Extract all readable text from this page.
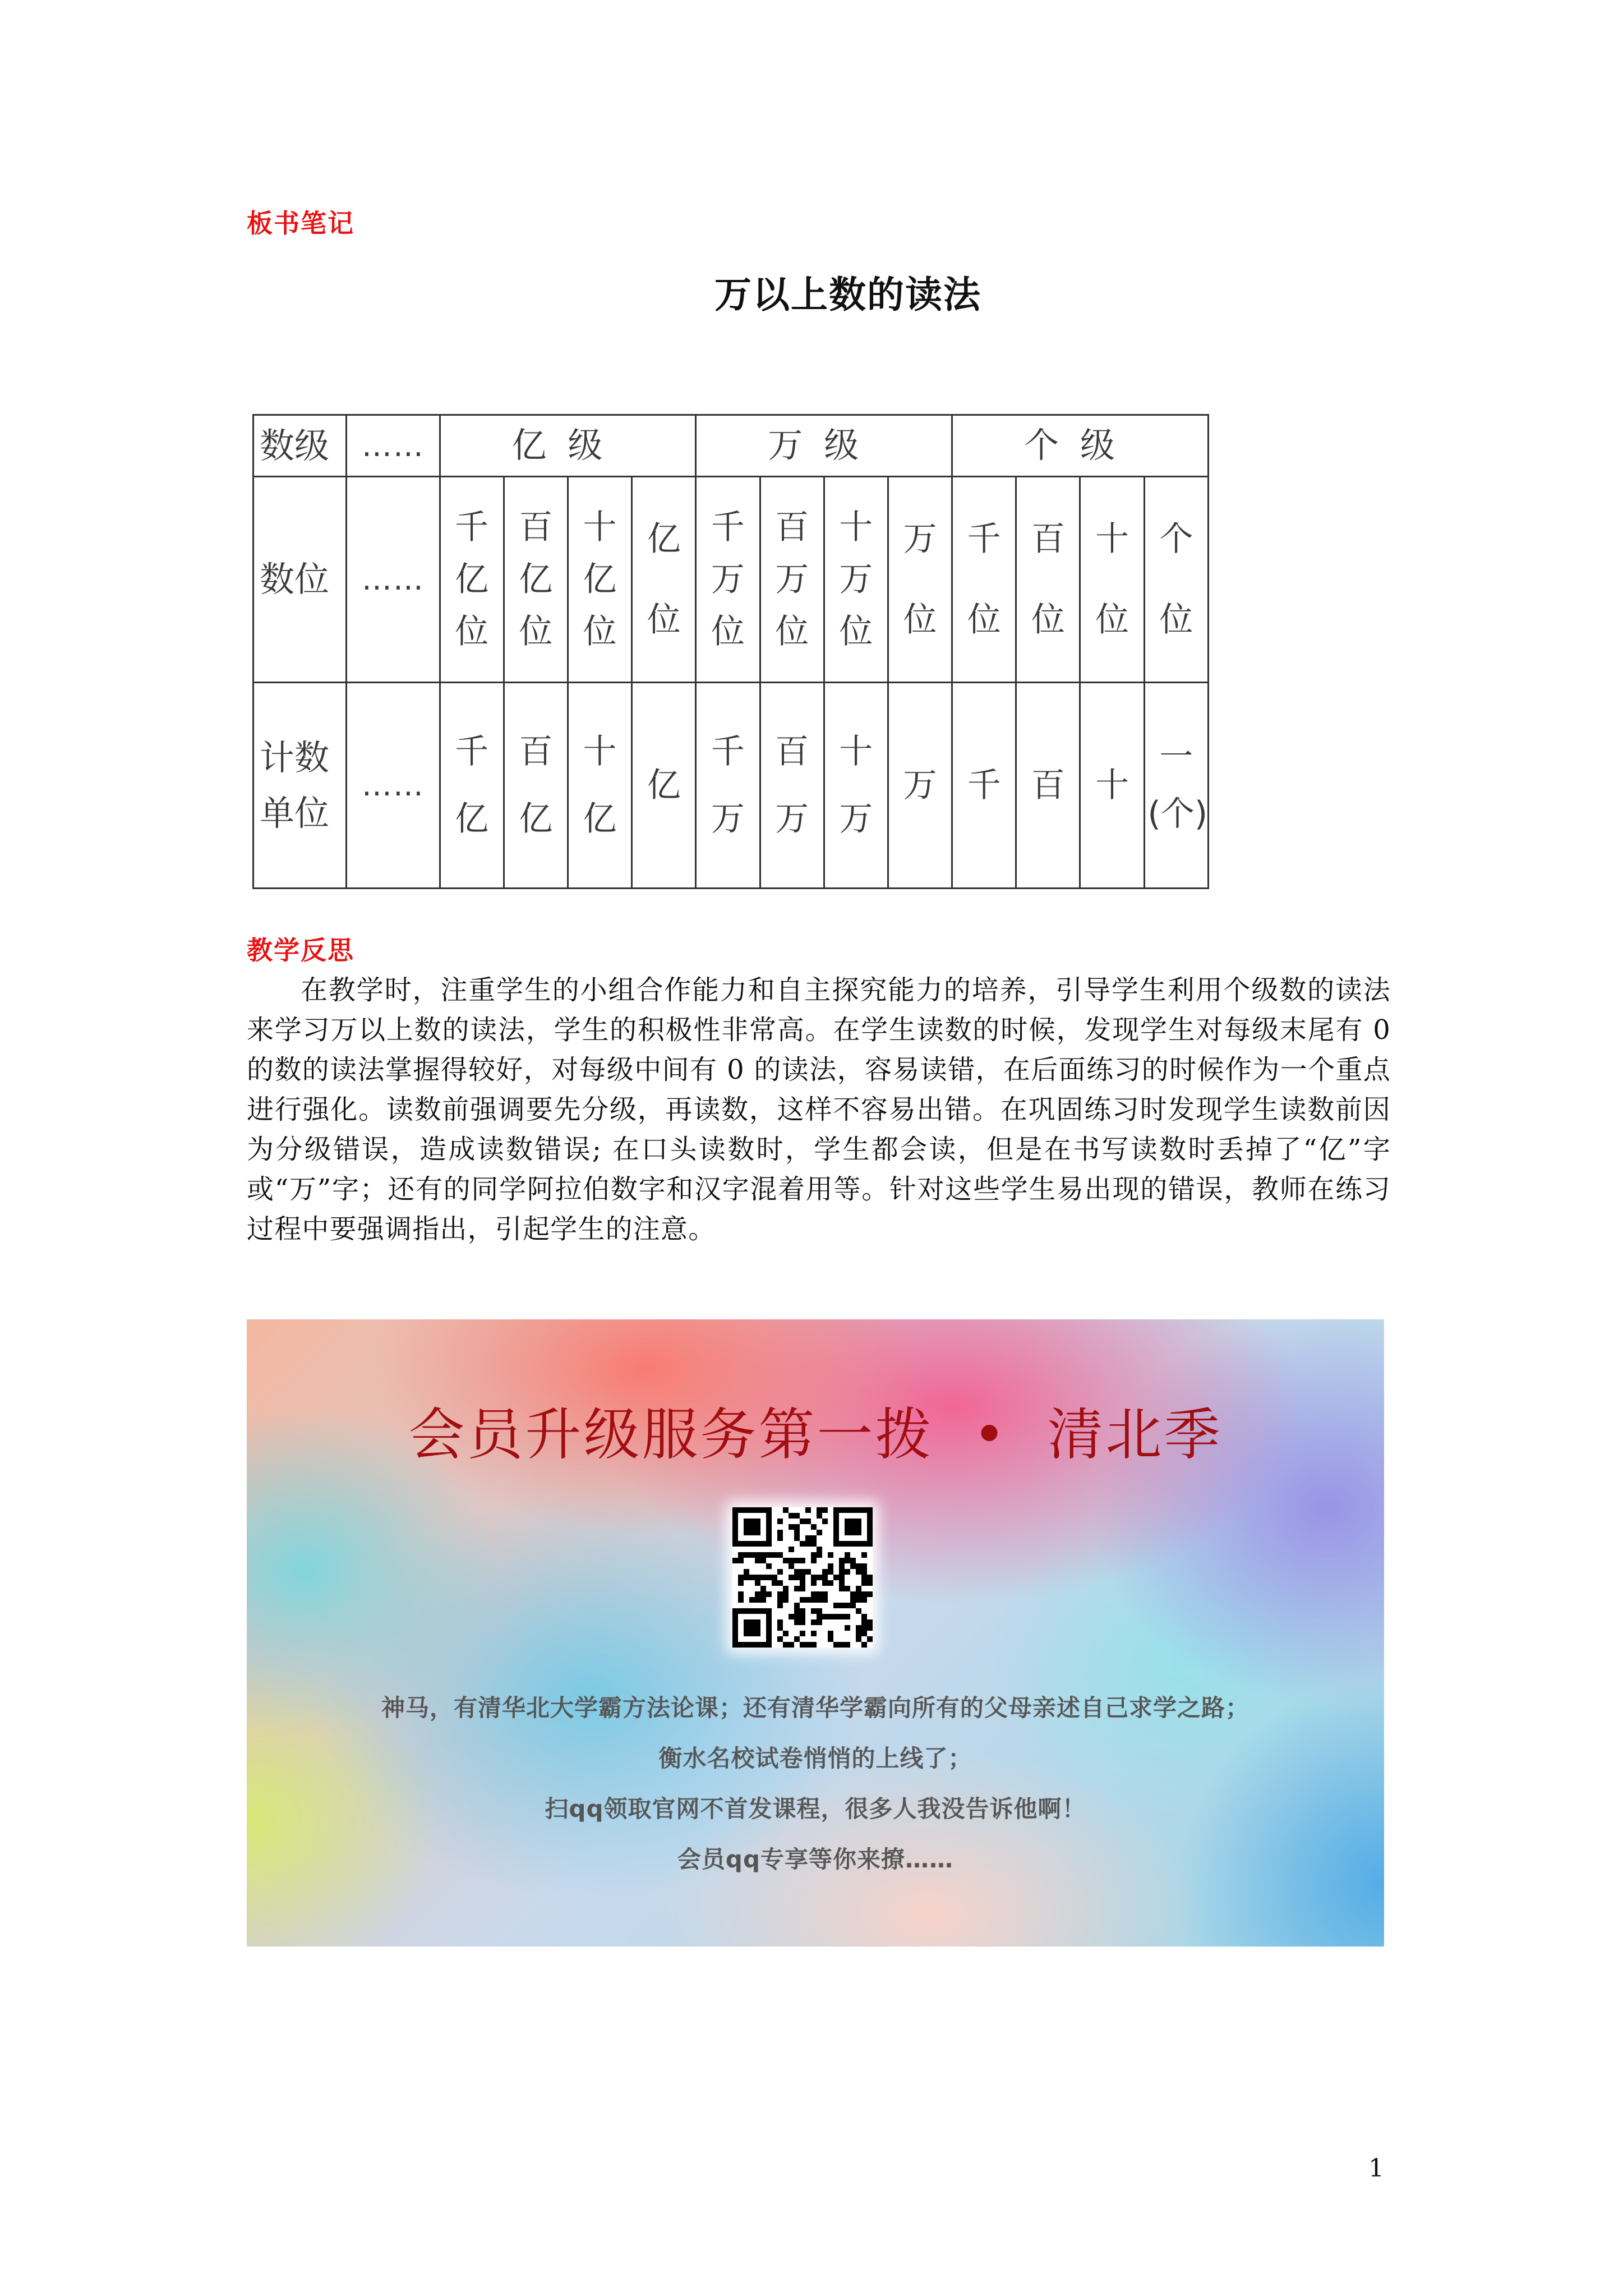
板书笔记
万以上数的读法
数级	……	亿级				万级				个级			
数位	……	千亿位	百亿位	十亿位	亿位	千万位	百万位	十万位	万位	千位	百位	十位	个位
计数单位	……	千亿	百亿	十亿	亿	千万	百万	十万	万	千	百	十	一(个)
教学反思

在教学时，注重学生的小组合作能力和自主探究能力的培养，引导学生利用个级数的读法来学习万以上数的读法，学生的积极性非常高。在学生读数的时候，发现学生对每级末尾有 0 的数的读法掌握得较好，对每级中间有 0 的读法，容易读错，在后面练习的时候作为一个重点进行强化。读数前强调要先分级，再读数，这样不容易出错。在巩固练习时发现学生读数前因为分级错误，造成读数错误; 在口头读数时，学生都会读，但是在书写读数时丢掉了“亿”字或“万”字；还有的同学阿拉伯数字和汉字混着用等。针对这些学生易出现的错误，教师在练习过程中要强调指出，引起学生的注意。

会员升级服务第一拨 • 清北季
神马，有清华北大学霸方法论课；还有清华学霸向所有的父母亲述自己求学之路；
衡水名校试卷悄悄的上线了；
扫qq领取官网不首发课程，很多人我没告诉他啊！
会员qq专享等你来撩……
1
